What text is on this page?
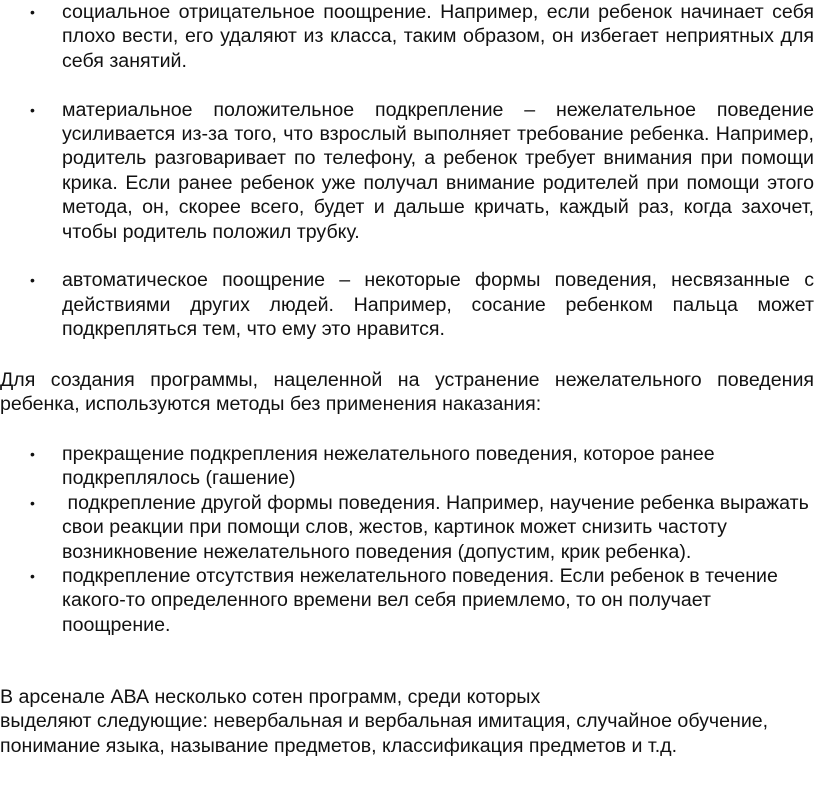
• социальное отрицательное поощрение. Например, если ребенок начинает себя плохо вести, его удаляют из класса, таким образом, он избегает неприятных для себя занятий.
• материальное положительное подкрепление – нежелательное поведение усиливается из-за того, что взрослый выполняет требование ребенка. Например, родитель разговаривает по телефону, а ребенок требует внимания при помощи крика. Если ранее ребенок уже получал внимание родителей при помощи этого метода, он, скорее всего, будет и дальше кричать, каждый раз, когда захочет, чтобы родитель положил трубку.
• автоматическое поощрение – некоторые формы поведения, несвязанные с действиями других людей. Например, сосание ребенком пальца может подкрепляться тем, что ему это нравится.

Для создания программы, нацеленной на устранение нежелательного поведения ребенка, используются методы без применения наказания:

• прекращение подкрепления нежелательного поведения, которое ранее подкреплялось (гашение)
• подкрепление другой формы поведения. Например, научение ребенка выражать свои реакции при помощи слов, жестов, картинок может снизить частоту возникновение нежелательного поведения (допустим, крик ребенка).
• подкрепление отсутствия нежелательного поведения. Если ребенок в течение какого-то определенного времени вел себя приемлемо, то он получает поощрение.
В арсенале АВА несколько сотен программ, среди которых
выделяют следующие: невербальная и вербальная имитация, случайное обучение, понимание языка, называние предметов, классификация предметов и т.д.
